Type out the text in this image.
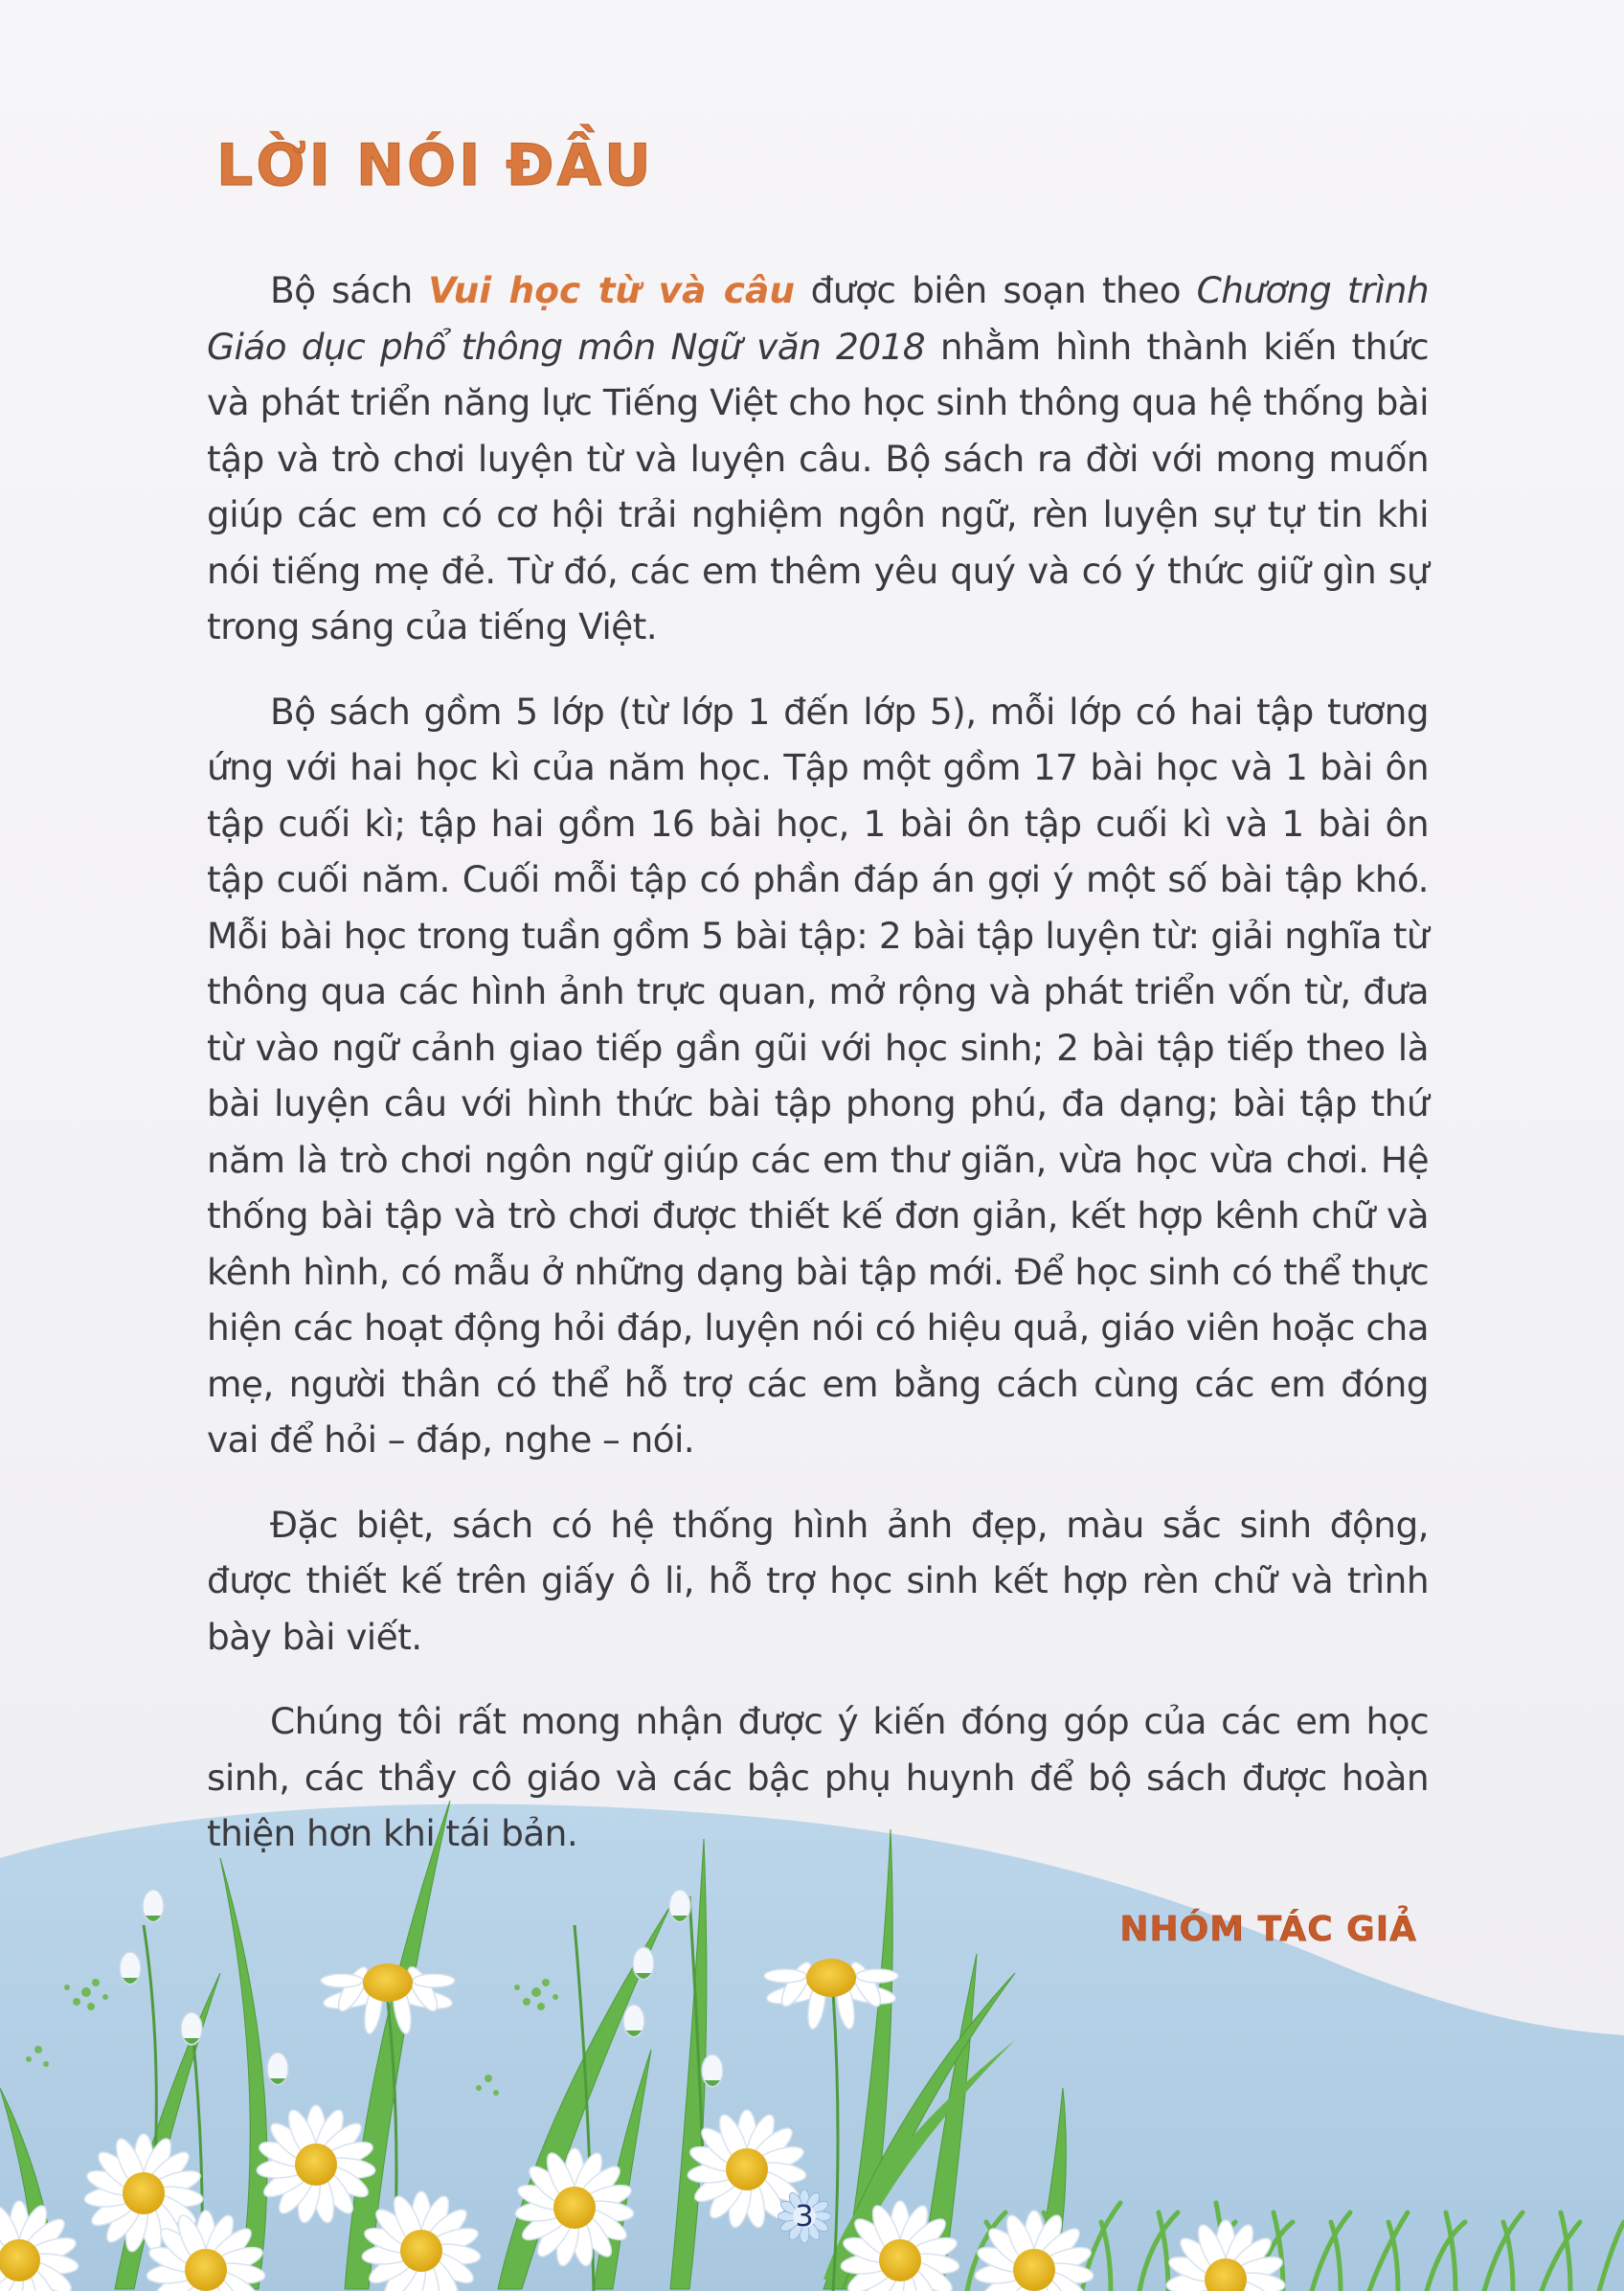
LỜI NÓI ĐẦU

Bộ sách Vui học từ và câu được biên soạn theo Chương trình Giáo dục phổ thông môn Ngữ văn 2018 nhằm hình thành kiến thức và phát triển năng lực Tiếng Việt cho học sinh thông qua hệ thống bài tập và trò chơi luyện từ và luyện câu. Bộ sách ra đời với mong muốn giúp các em có cơ hội trải nghiệm ngôn ngữ, rèn luyện sự tự tin khi nói tiếng mẹ đẻ. Từ đó, các em thêm yêu quý và có ý thức giữ gìn sự trong sáng của tiếng Việt.

Bộ sách gồm 5 lớp (từ lớp 1 đến lớp 5), mỗi lớp có hai tập tương ứng với hai học kì của năm học. Tập một gồm 17 bài học và 1 bài ôn tập cuối kì; tập hai gồm 16 bài học, 1 bài ôn tập cuối kì và 1 bài ôn tập cuối năm. Cuối mỗi tập có phần đáp án gợi ý một số bài tập khó. Mỗi bài học trong tuần gồm 5 bài tập: 2 bài tập luyện từ: giải nghĩa từ thông qua các hình ảnh trực quan, mở rộng và phát triển vốn từ, đưa từ vào ngữ cảnh giao tiếp gần gũi với học sinh; 2 bài tập tiếp theo là bài luyện câu với hình thức bài tập phong phú, đa dạng; bài tập thứ năm là trò chơi ngôn ngữ giúp các em thư giãn, vừa học vừa chơi. Hệ thống bài tập và trò chơi được thiết kế đơn giản, kết hợp kênh chữ và kênh hình, có mẫu ở những dạng bài tập mới. Để học sinh có thể thực hiện các hoạt động hỏi đáp, luyện nói có hiệu quả, giáo viên hoặc cha mẹ, người thân có thể hỗ trợ các em bằng cách cùng các em đóng vai để hỏi – đáp, nghe – nói.

Đặc biệt, sách có hệ thống hình ảnh đẹp, màu sắc sinh động, được thiết kế trên giấy ô li, hỗ trợ học sinh kết hợp rèn chữ và trình bày bài viết.

Chúng tôi rất mong nhận được ý kiến đóng góp của các em học sinh, các thầy cô giáo và các bậc phụ huynh để bộ sách được hoàn thiện hơn khi tái bản.

NHÓM TÁC GIẢ
3
